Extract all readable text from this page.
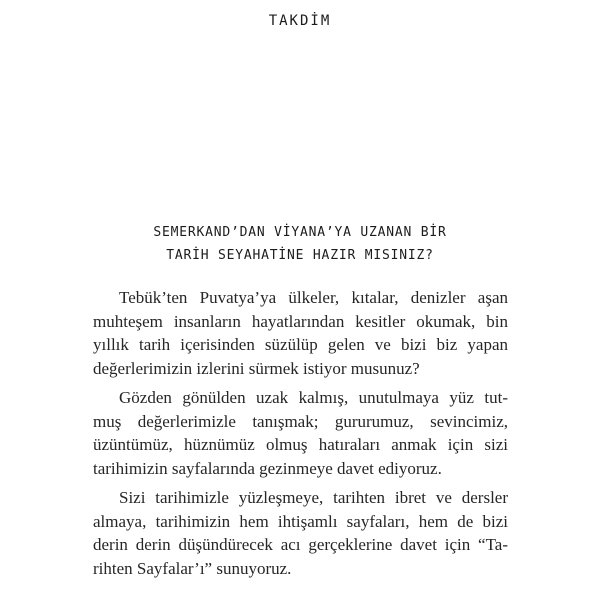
TAKDİM
SEMERKAND’DAN VİYANA’YA UZANAN BİR
TARİH SEYAHATİNE HAZIR MISINIZ?
Tebük’ten Puvatya’ya ülkeler, kıtalar, denizler aşan
muhteşem insanların hayatlarından kesitler okumak, bin
yıllık tarih içerisinden süzülüp gelen ve bizi biz yapan
değerlerimizin izlerini sürmek istiyor musunuz?
Gözden gönülden uzak kalmış, unutulmaya yüz tut-
muş değerlerimizle tanışmak; gururumuz, sevincimiz,
üzüntümüz, hüznümüz olmuş hatıraları anmak için sizi
tarihimizin sayfalarında gezinmeye davet ediyoruz.
Sizi tarihimizle yüzleşmeye, tarihten ibret ve dersler
almaya, tarihimizin hem ihtişamlı sayfaları, hem de bizi
derin derin düşündürecek acı gerçeklerine davet için “Ta-
rihten Sayfalar’ı” sunuyoruz.
